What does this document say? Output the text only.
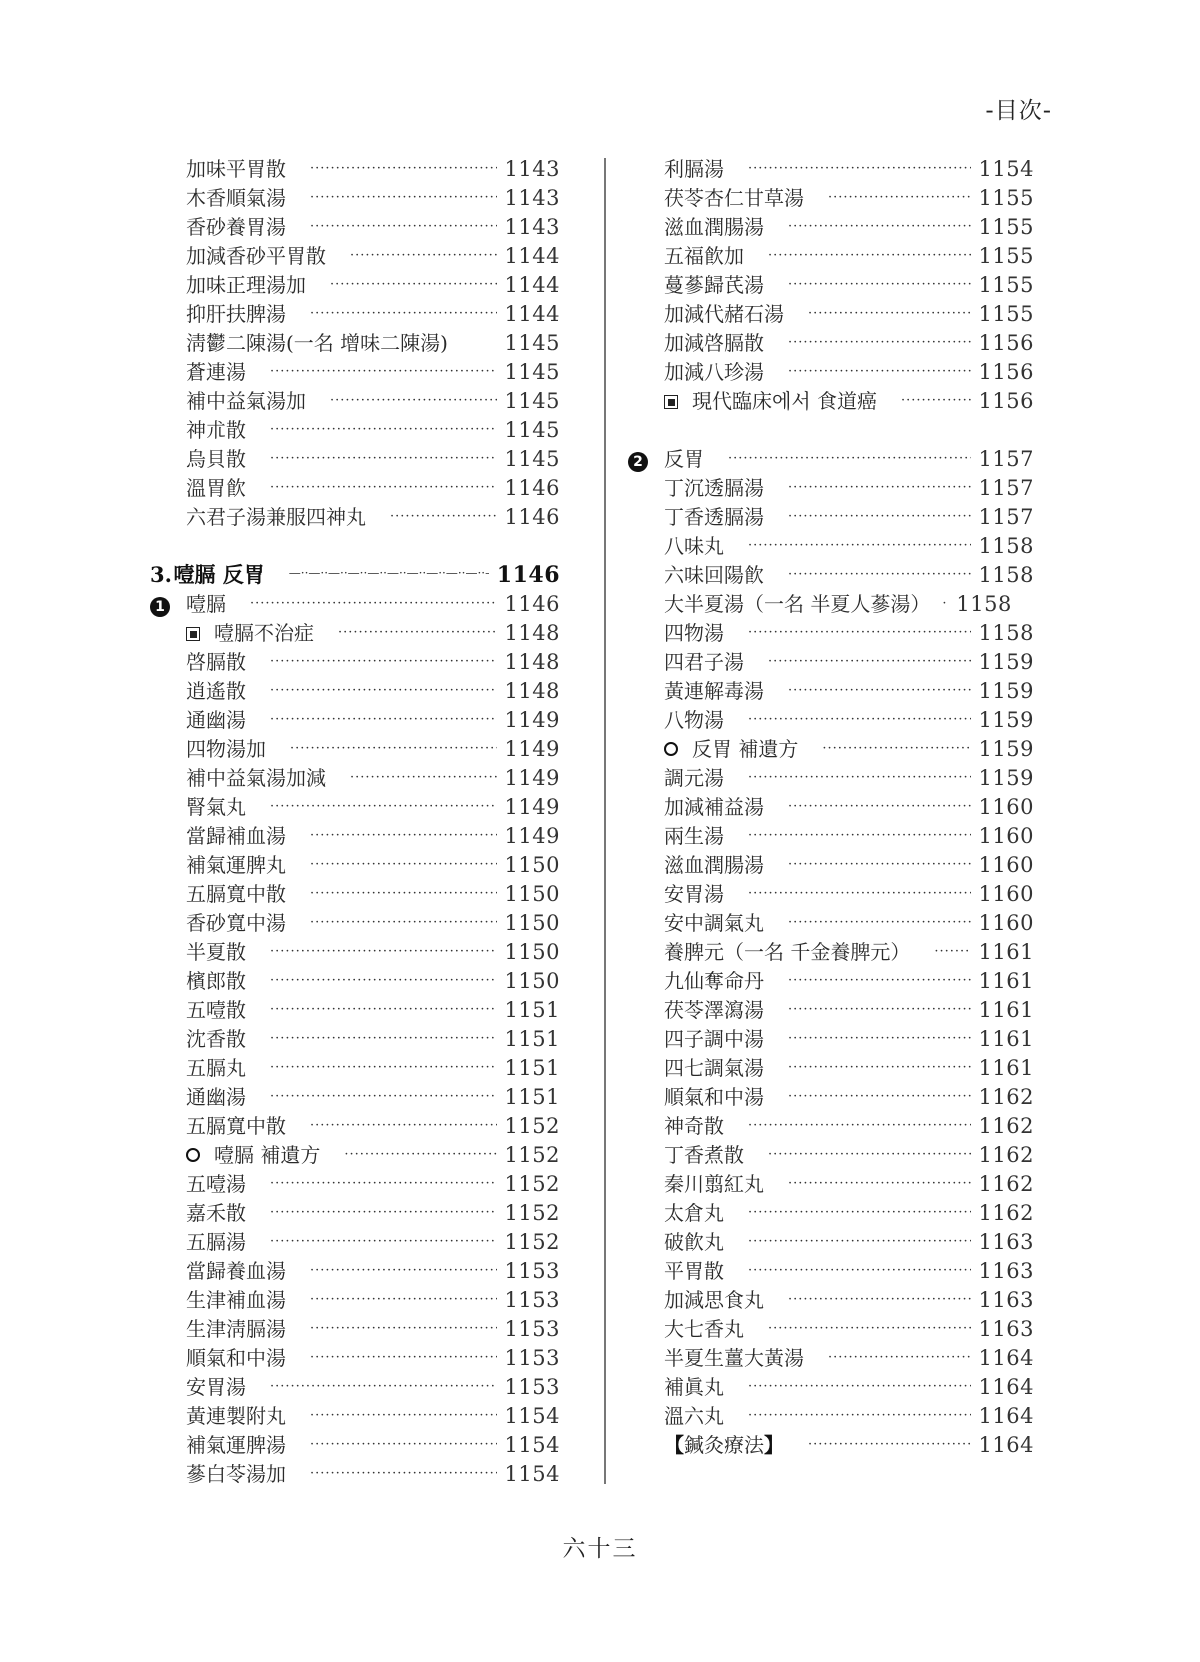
-目次-
加味平胃散 ·····	1143
木香順氣湯 ·····	1143
香砂養胃湯 ·····	1143
加減香砂平胃散 ·····	1144
加味正理湯加 ·····	1144
抑肝扶脾湯 ·····	1144
淸鬱二陳湯(一名 增味二陳湯)	1145
蒼連湯 ·····	1145
補中益氣湯加 ·····	1145
神朮散 ·····	1145
烏貝散 ·····	1145
溫胃飮 ·····	1146
六君子湯兼服四神丸 ·····	1146
3. 噎膈 反胃 —··—·	1146
1	噎膈 ·····	1146
噎膈不治症 ·····	1148
啓膈散 ·····	1148
逍遙散 ·····	1148
通幽湯 ·····	1149
四物湯加 ·····	1149
補中益氣湯加減 ·····	1149
腎氣丸 ·····	1149
當歸補血湯 ·····	1149
補氣運脾丸 ·····	1150
五膈寬中散 ·····	1150
香砂寬中湯 ·····	1150
半夏散 ·····	1150
檳郎散 ·····	1150
五噎散 ·····	1151
沈香散 ·····	1151
五膈丸 ·····	1151
通幽湯 ·····	1151
五膈寬中散 ·····	1152
噎膈 補遺方 ·····	1152
五噎湯 ·····	1152
嘉禾散 ·····	1152
五膈湯 ·····	1152
當歸養血湯 ·····	1153
生津補血湯 ·····	1153
生津淸膈湯 ·····	1153
順氣和中湯 ·····	1153
安胃湯 ·····	1153
黃連製附丸 ·····	1154
補氣運脾湯 ·····	1154
蔘白苓湯加 ·····	1154
利膈湯 ·····	1154
茯苓杏仁甘草湯 ·····	1155
滋血潤腸湯 ·····	1155
五福飮加 ·····	1155
蔓蔘歸芪湯 ·····	1155
加減代赭石湯 ·····	1155
加減啓膈散 ·····	1156
加減八珍湯 ·····	1156
現代臨床에서 食道癌 ·····	1156
2	反胃 ·····	1157
丁沉透膈湯 ·····	1157
丁香透膈湯 ·····	1157
八味丸 ·····	1158
六味回陽飮 ·····	1158
大半夏湯（一名 半夏人蔘湯） ····· 1158
四物湯 ·····	1158
四君子湯 ·····	1159
黃連解毒湯 ·····	1159
八物湯 ·····	1159
反胃 補遺方 ·····	1159
調元湯 ·····	1159
加減補益湯 ·····	1160
兩生湯 ·····	1160
滋血潤腸湯 ·····	1160
安胃湯 ·····	1160
安中調氣丸 ·····	1160
養脾元（一名 千金養脾元） ·····	1161
九仙奪命丹 ·····	1161
茯苓澤瀉湯 ·····	1161
四子調中湯 ·····	1161
四七調氣湯 ·····	1161
順氣和中湯 ·····	1162
神奇散 ·····	1162
丁香煮散 ·····	1162
秦川翦紅丸 ·····	1162
太倉丸 ·····	1162
破飮丸 ·····	1163
平胃散 ·····	1163
加減思食丸 ·····	1163
大七香丸 ·····	1163
半夏生薑大黃湯 ·····	1164
補眞丸 ·····	1164
溫六丸 ·····	1164
【鍼灸療法】 ·····	1164
六十三
